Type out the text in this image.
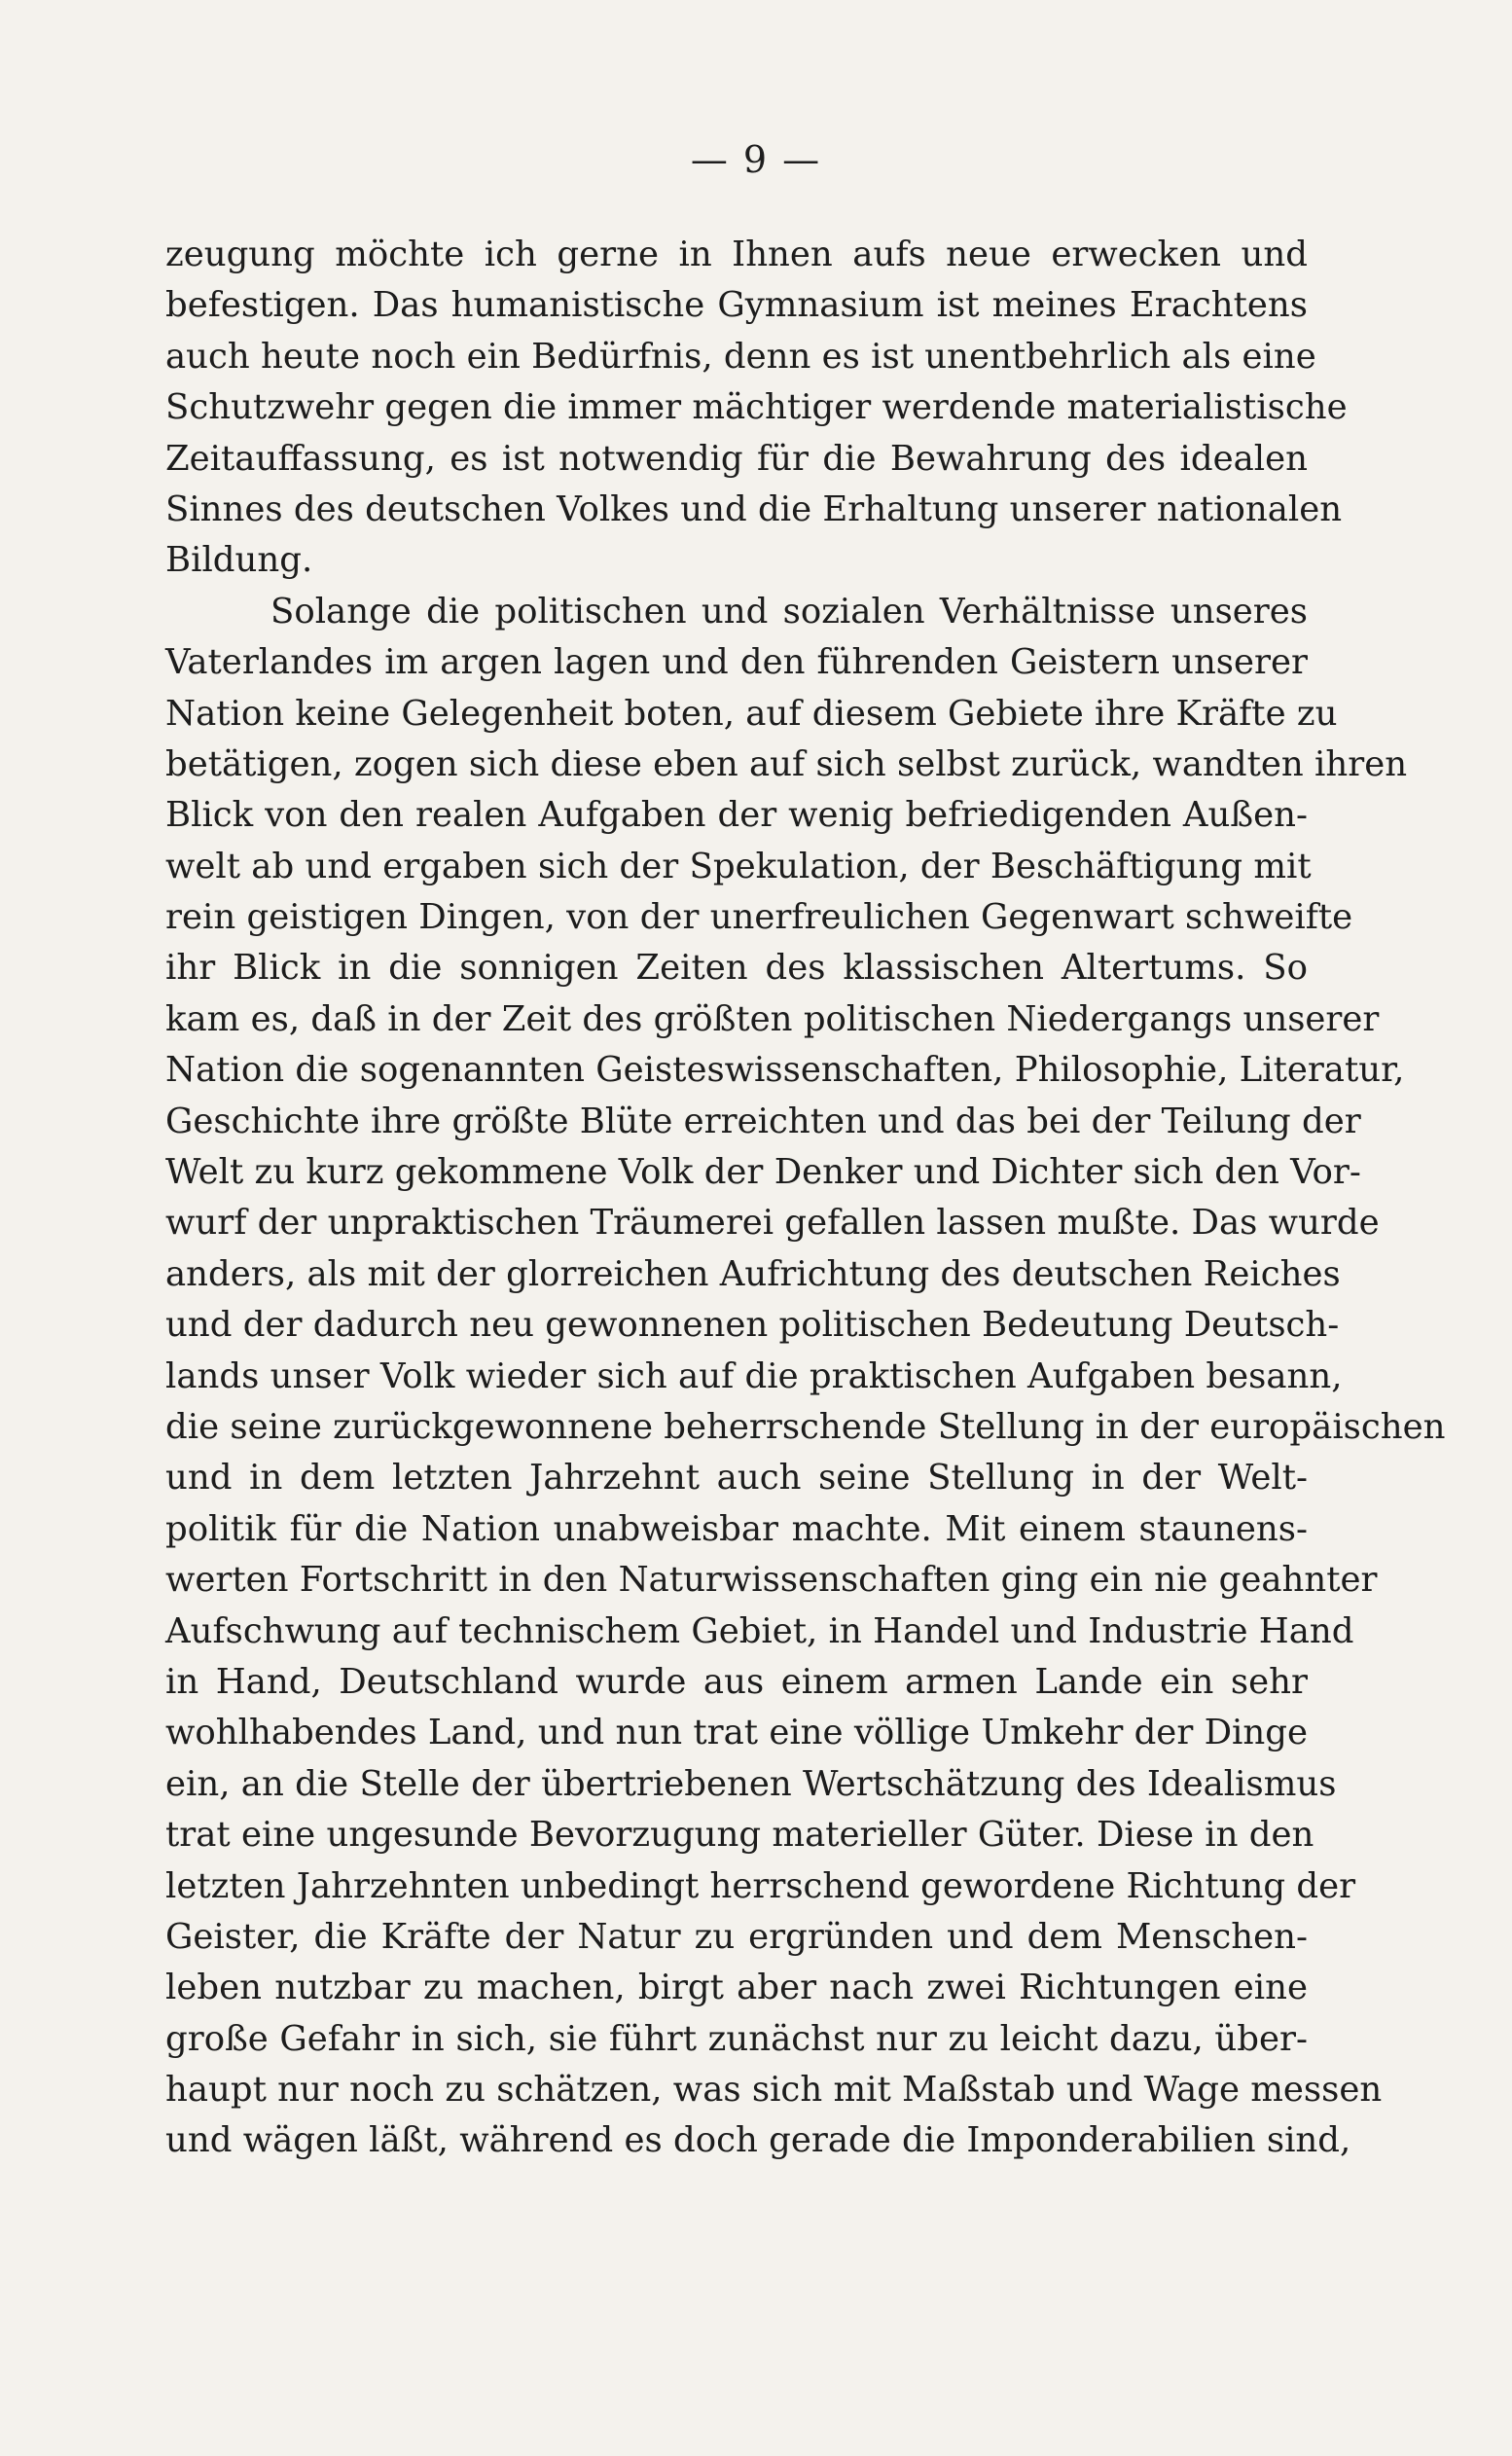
— 9 —
zeugung möchte ich gerne in Ihnen aufs neue erwecken und
befestigen. Das humanistische Gymnasium ist meines Erachtens
auch heute noch ein Bedürfnis, denn es ist unentbehrlich als eine
Schutzwehr gegen die immer mächtiger werdende materialistische
Zeitauffassung, es ist notwendig für die Bewahrung des idealen
Sinnes des deutschen Volkes und die Erhaltung unserer nationalen
Bildung.
Solange die politischen und sozialen Verhältnisse unseres
Vaterlandes im argen lagen und den führenden Geistern unserer
Nation keine Gelegenheit boten, auf diesem Gebiete ihre Kräfte zu
betätigen, zogen sich diese eben auf sich selbst zurück, wandten ihren
Blick von den realen Aufgaben der wenig befriedigenden Außen-
welt ab und ergaben sich der Spekulation, der Beschäftigung mit
rein geistigen Dingen, von der unerfreulichen Gegenwart schweifte
ihr Blick in die sonnigen Zeiten des klassischen Altertums. So
kam es, daß in der Zeit des größten politischen Niedergangs unserer
Nation die sogenannten Geisteswissenschaften, Philosophie, Literatur,
Geschichte ihre größte Blüte erreichten und das bei der Teilung der
Welt zu kurz gekommene Volk der Denker und Dichter sich den Vor-
wurf der unpraktischen Träumerei gefallen lassen mußte. Das wurde
anders, als mit der glorreichen Aufrichtung des deutschen Reiches
und der dadurch neu gewonnenen politischen Bedeutung Deutsch-
lands unser Volk wieder sich auf die praktischen Aufgaben besann,
die seine zurückgewonnene beherrschende Stellung in der europäischen
und in dem letzten Jahrzehnt auch seine Stellung in der Welt-
politik für die Nation unabweisbar machte. Mit einem staunens-
werten Fortschritt in den Naturwissenschaften ging ein nie geahnter
Aufschwung auf technischem Gebiet, in Handel und Industrie Hand
in Hand, Deutschland wurde aus einem armen Lande ein sehr
wohlhabendes Land, und nun trat eine völlige Umkehr der Dinge
ein, an die Stelle der übertriebenen Wertschätzung des Idealismus
trat eine ungesunde Bevorzugung materieller Güter. Diese in den
letzten Jahrzehnten unbedingt herrschend gewordene Richtung der
Geister, die Kräfte der Natur zu ergründen und dem Menschen-
leben nutzbar zu machen, birgt aber nach zwei Richtungen eine
große Gefahr in sich, sie führt zunächst nur zu leicht dazu, über-
haupt nur noch zu schätzen, was sich mit Maßstab und Wage messen
und wägen läßt, während es doch gerade die Imponderabilien sind,
